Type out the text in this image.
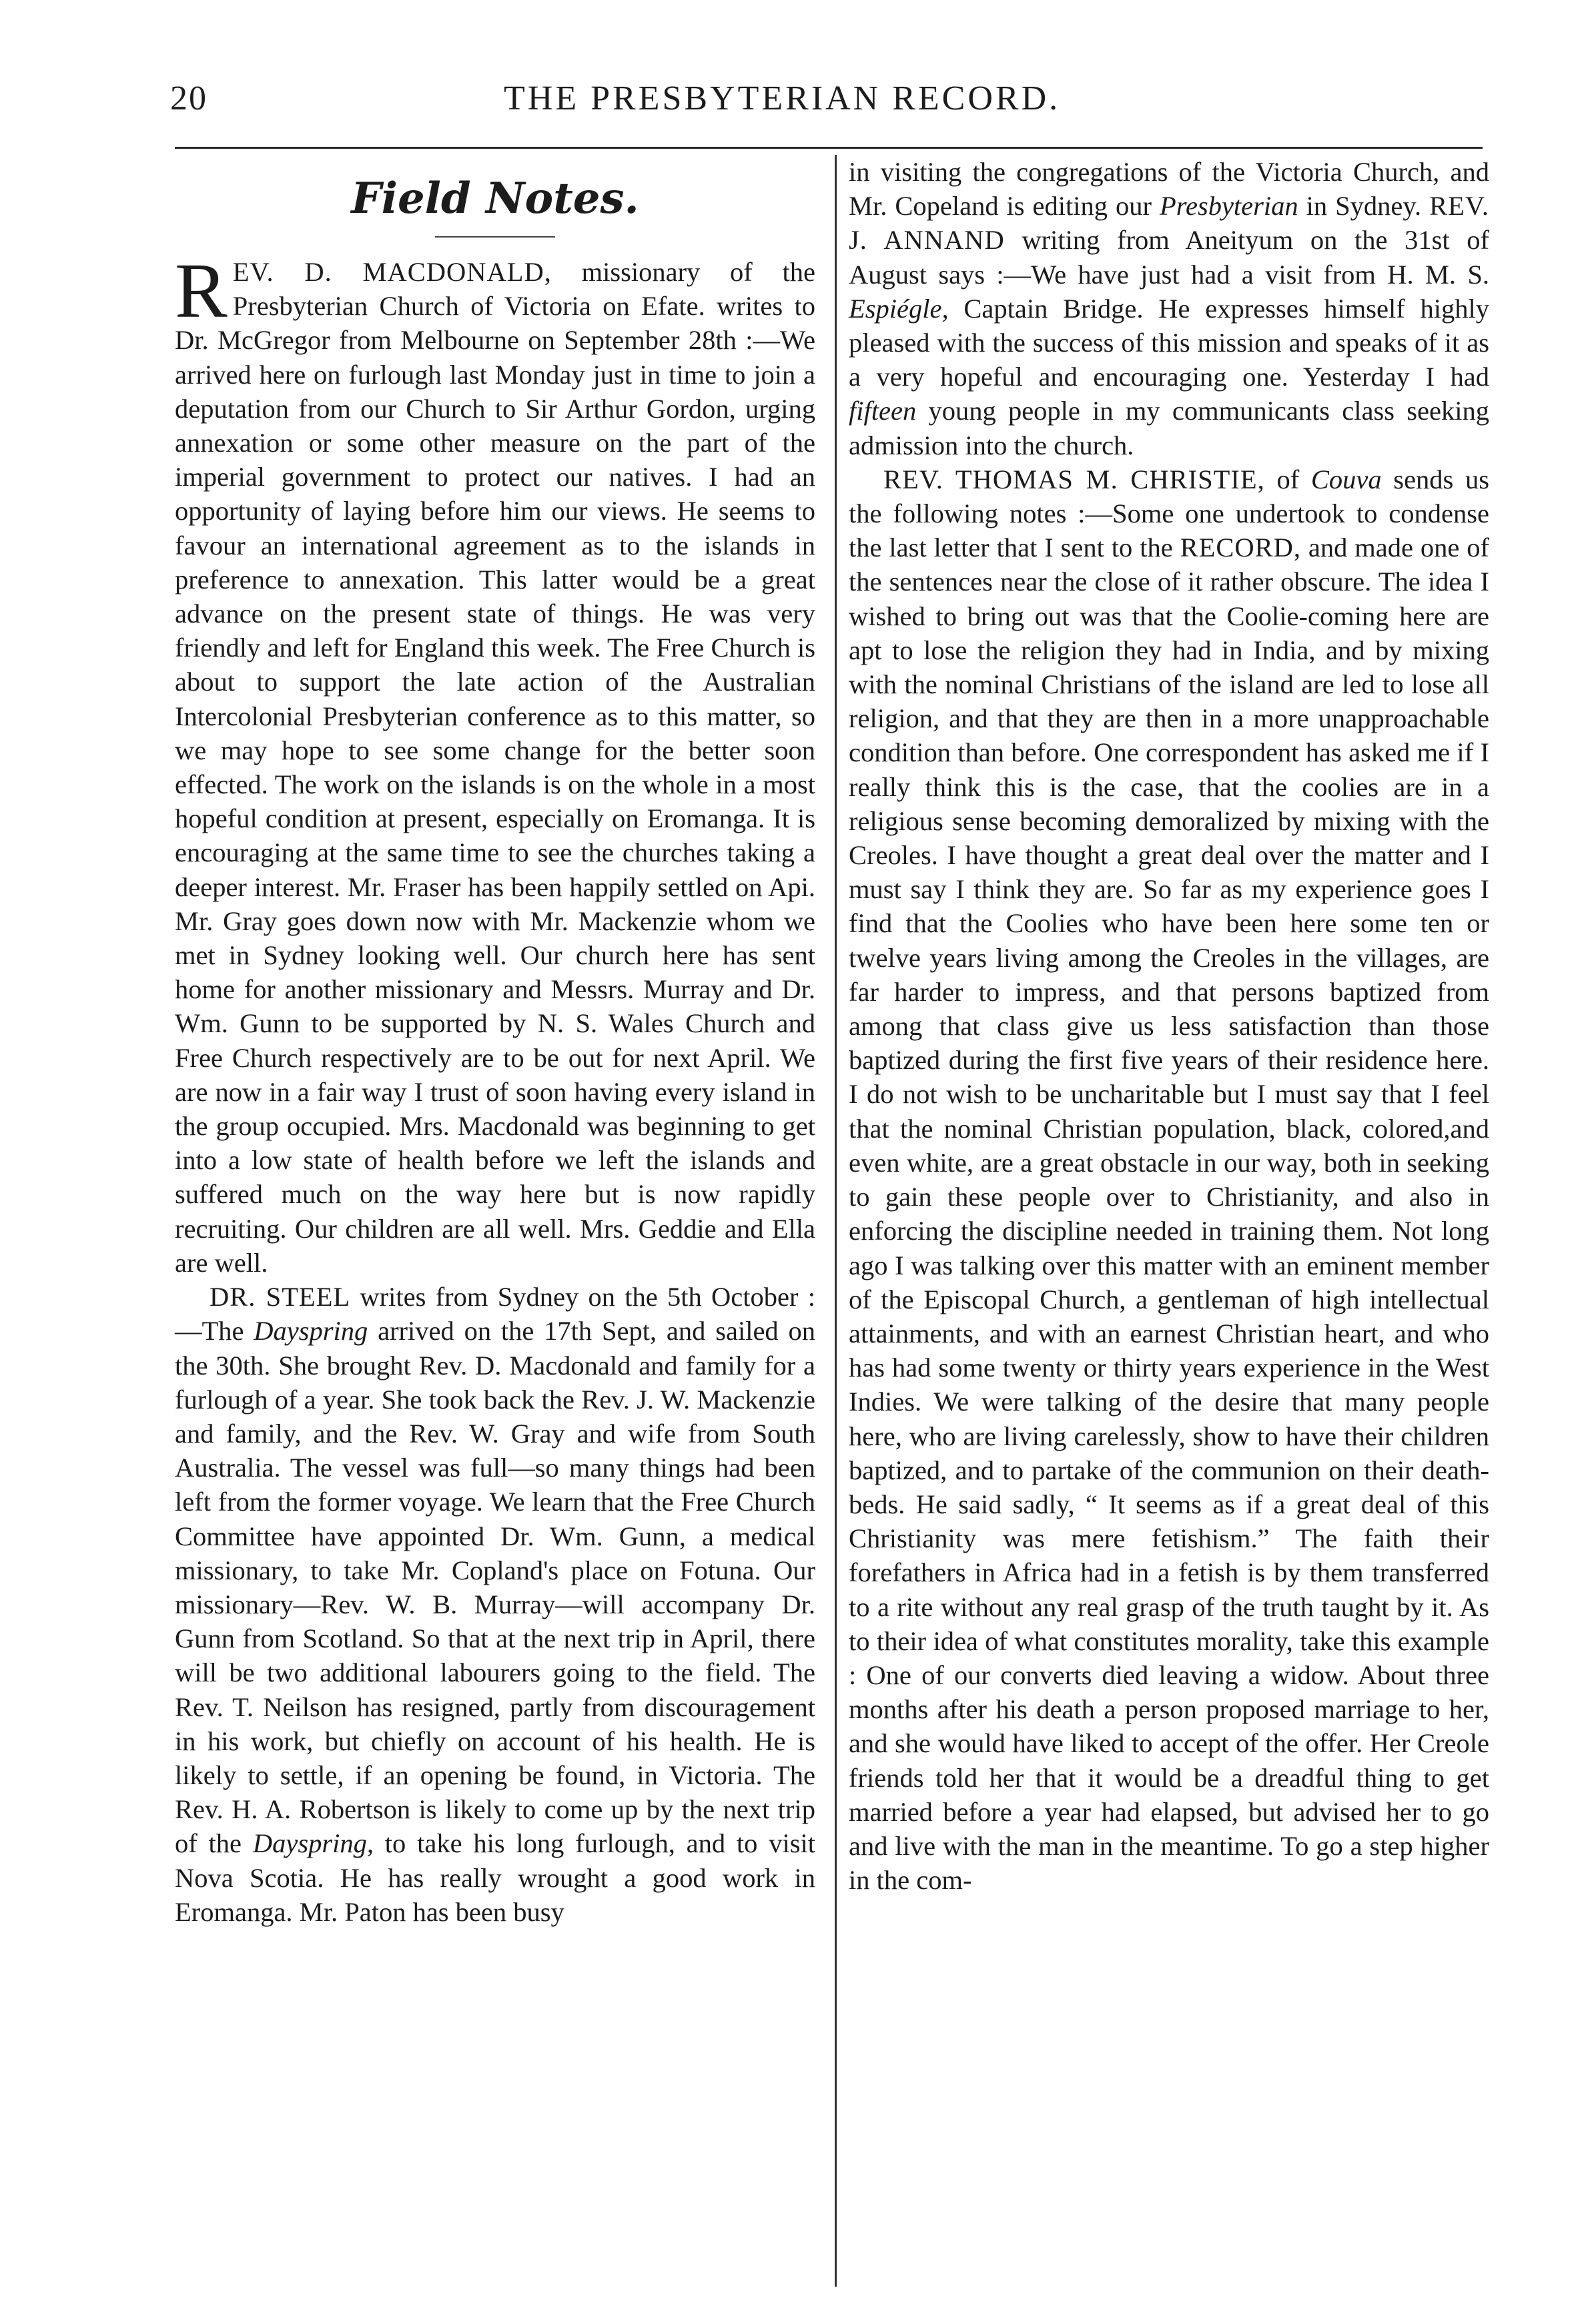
20	THE PRESBYTERIAN RECORD.
Field Notes.

REV. D. MACDONALD, missionary of the Presbyterian Church of Victoria on Efate. writes to Dr. McGregor from Melbourne on September 28th :—We arrived here on furlough last Monday just in time to join a deputation from our Church to Sir Arthur Gordon, urging annexation or some other measure on the part of the imperial government to protect our natives. I had an opportunity of laying before him our views. He seems to favour an international agreement as to the islands in preference to annexation. This latter would be a great advance on the present state of things. He was very friendly and left for England this week. The Free Church is about to support the late action of the Australian Intercolonial Presbyterian conference as to this matter, so we may hope to see some change for the better soon effected. The work on the islands is on the whole in a most hopeful condition at present, especially on Eromanga. It is encouraging at the same time to see the churches taking a deeper interest. Mr. Fraser has been happily settled on Api. Mr. Gray goes down now with Mr. Mackenzie whom we met in Sydney looking well. Our church here has sent home for another missionary and Messrs. Murray and Dr. Wm. Gunn to be supported by N. S. Wales Church and Free Church respectively are to be out for next April. We are now in a fair way I trust of soon having every island in the group occupied. Mrs. Macdonald was beginning to get into a low state of health before we left the islands and suffered much on the way here but is now rapidly recruiting. Our children are all well. Mrs. Geddie and Ella are well.

DR. STEEL writes from Sydney on the 5th October :—The Dayspring arrived on the 17th Sept, and sailed on the 30th. She brought Rev. D. Macdonald and family for a furlough of a year. She took back the Rev. J. W. Mackenzie and family, and the Rev. W. Gray and wife from South Australia. The vessel was full—so many things had been left from the former voyage. We learn that the Free Church Committee have appointed Dr. Wm. Gunn, a medical missionary, to take Mr. Copland's place on Fotuna. Our missionary—Rev. W. B. Murray—will accompany Dr. Gunn from Scotland. So that at the next trip in April, there will be two additional labourers going to the field. The Rev. T. Neilson has resigned, partly from discouragement in his work, but chiefly on account of his health. He is likely to settle, if an opening be found, in Victoria. The Rev. H. A. Robertson is likely to come up by the next trip of the Dayspring, to take his long furlough, and to visit Nova Scotia. He has really wrought a good work in Eromanga. Mr. Paton has been busy

in visiting the congregations of the Victoria Church, and Mr. Copeland is editing our Presbyterian in Sydney. REV. J. ANNAND writing from Aneityum on the 31st of August says :—We have just had a visit from H. M. S. Espiégle, Captain Bridge. He expresses himself highly pleased with the success of this mission and speaks of it as a very hopeful and encouraging one. Yesterday I had fifteen young people in my communicants class seeking admission into the church.

REV. THOMAS M. CHRISTIE, of Couva sends us the following notes :—Some one undertook to condense the last letter that I sent to the RECORD, and made one of the sentences near the close of it rather obscure. The idea I wished to bring out was that the Coolie-coming here are apt to lose the religion they had in India, and by mixing with the nominal Christians of the island are led to lose all religion, and that they are then in a more unapproachable condition than before. One correspondent has asked me if I really think this is the case, that the coolies are in a religious sense becoming demoralized by mixing with the Creoles. I have thought a great deal over the matter and I must say I think they are. So far as my experience goes I find that the Coolies who have been here some ten or twelve years living among the Creoles in the villages, are far harder to impress, and that persons baptized from among that class give us less satisfaction than those baptized during the first five years of their residence here. I do not wish to be uncharitable but I must say that I feel that the nominal Christian population, black, colored,and even white, are a great obstacle in our way, both in seeking to gain these people over to Christianity, and also in enforcing the discipline needed in training them. Not long ago I was talking over this matter with an eminent member of the Episcopal Church, a gentleman of high intellectual attainments, and with an earnest Christian heart, and who has had some twenty or thirty years experience in the West Indies. We were talking of the desire that many people here, who are living carelessly, show to have their children baptized, and to partake of the communion on their death-beds. He said sadly, “ It seems as if a great deal of this Christianity was mere fetishism.” The faith their forefathers in Africa had in a fetish is by them transferred to a rite without any real grasp of the truth taught by it. As to their idea of what constitutes morality, take this example : One of our converts died leaving a widow. About three months after his death a person proposed marriage to her, and she would have liked to accept of the offer. Her Creole friends told her that it would be a dreadful thing to get married before a year had elapsed, but advised her to go and live with the man in the meantime. To go a step higher in the com-
